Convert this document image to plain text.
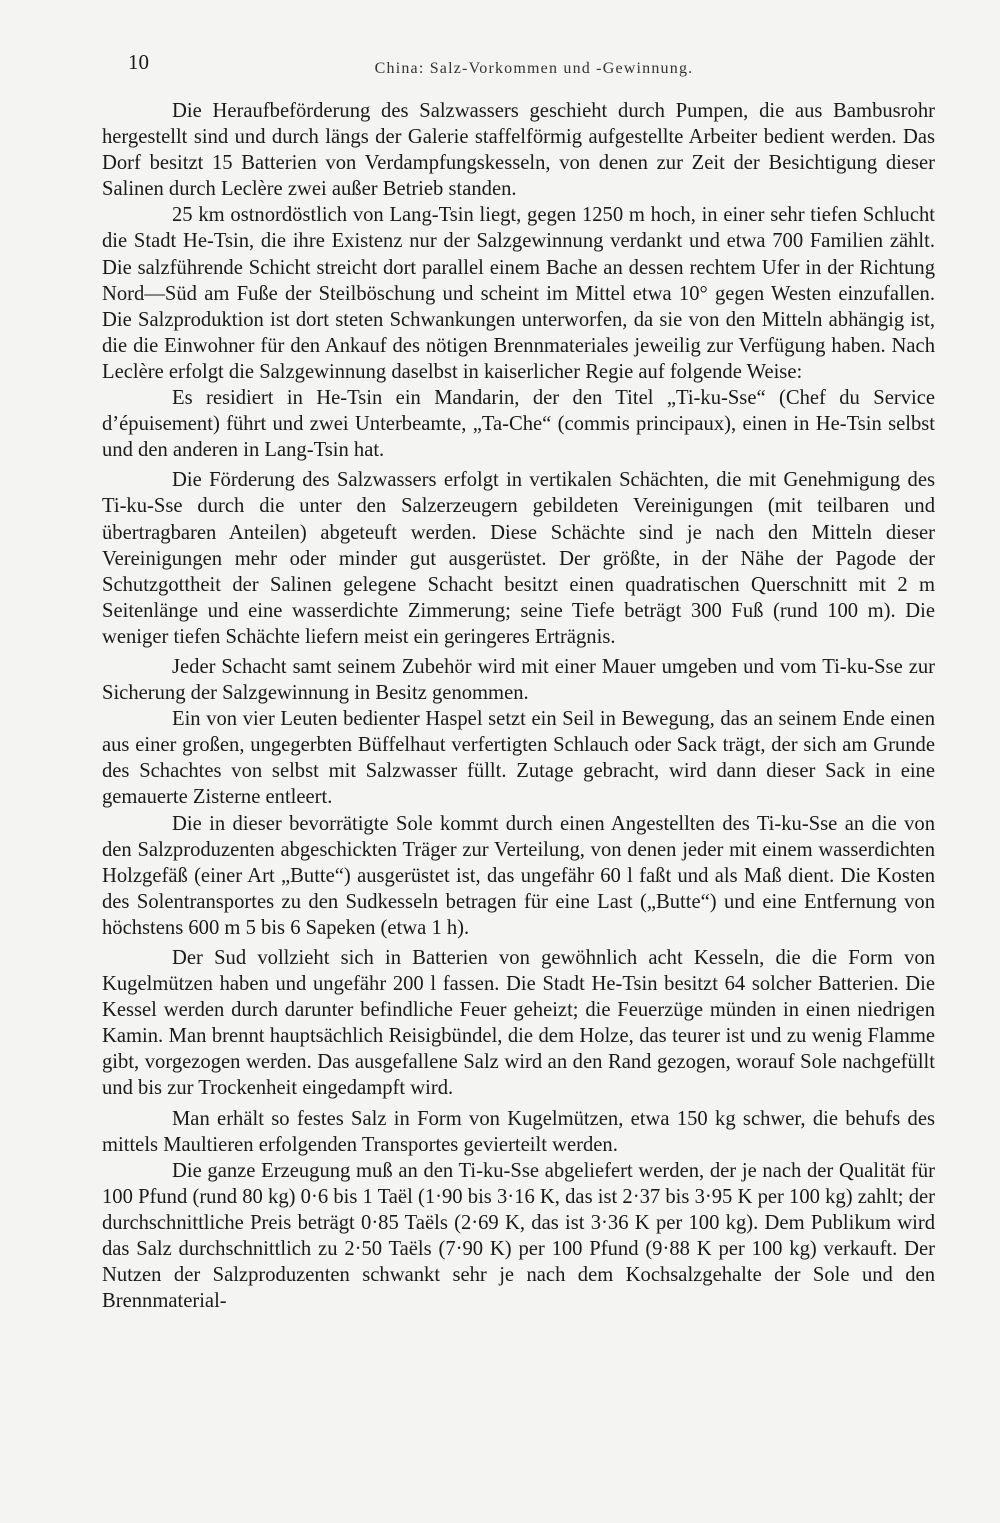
10	China: Salz-Vorkommen und -Gewinnung.

Die Heraufbeförderung des Salzwassers geschieht durch Pumpen, die aus Bambusrohr hergestellt sind und durch längs der Galerie staffelförmig aufgestellte Arbeiter bedient werden. Das Dorf besitzt 15 Batterien von Verdampfungskesseln, von denen zur Zeit der Besichtigung dieser Salinen durch Leclère zwei außer Betrieb standen.

25 km ostnordöstlich von Lang-Tsin liegt, gegen 1250 m hoch, in einer sehr tiefen Schlucht die Stadt He-Tsin, die ihre Existenz nur der Salzgewinnung verdankt und etwa 700 Familien zählt. Die salzführende Schicht streicht dort parallel einem Bache an dessen rechtem Ufer in der Richtung Nord—Süd am Fuße der Steilböschung und scheint im Mittel etwa 10° gegen Westen einzufallen. Die Salzproduktion ist dort steten Schwankungen unterworfen, da sie von den Mitteln abhängig ist, die die Einwohner für den Ankauf des nötigen Brennmateriales jeweilig zur Verfügung haben. Nach Leclère erfolgt die Salzgewinnung daselbst in kaiserlicher Regie auf folgende Weise:

Es residiert in He-Tsin ein Mandarin, der den Titel „Ti-ku-Sse“ (Chef du Service d’épuisement) führt und zwei Unterbeamte, „Ta-Che“ (commis principaux), einen in He-Tsin selbst und den anderen in Lang-Tsin hat.

Die Förderung des Salzwassers erfolgt in vertikalen Schächten, die mit Genehmigung des Ti-ku-Sse durch die unter den Salzerzeugern gebildeten Vereinigungen (mit teilbaren und übertragbaren Anteilen) abgeteuft werden. Diese Schächte sind je nach den Mitteln dieser Vereinigungen mehr oder minder gut ausgerüstet. Der größte, in der Nähe der Pagode der Schutzgottheit der Salinen gelegene Schacht besitzt einen quadratischen Querschnitt mit 2 m Seitenlänge und eine wasserdichte Zimmerung; seine Tiefe beträgt 300 Fuß (rund 100 m). Die weniger tiefen Schächte liefern meist ein geringeres Erträgnis.

Jeder Schacht samt seinem Zubehör wird mit einer Mauer umgeben und vom Ti-ku-Sse zur Sicherung der Salzgewinnung in Besitz genommen.

Ein von vier Leuten bedienter Haspel setzt ein Seil in Bewegung, das an seinem Ende einen aus einer großen, ungegerbten Büffelhaut verfertigten Schlauch oder Sack trägt, der sich am Grunde des Schachtes von selbst mit Salzwasser füllt. Zutage gebracht, wird dann dieser Sack in eine gemauerte Zisterne entleert.

Die in dieser bevorrätigte Sole kommt durch einen Angestellten des Ti-ku-Sse an die von den Salzproduzenten abgeschickten Träger zur Verteilung, von denen jeder mit einem wasserdichten Holzgefäß (einer Art „Butte“) ausgerüstet ist, das ungefähr 60 l faßt und als Maß dient. Die Kosten des Solentransportes zu den Sudkesseln betragen für eine Last („Butte“) und eine Entfernung von höchstens 600 m 5 bis 6 Sapeken (etwa 1 h).

Der Sud vollzieht sich in Batterien von gewöhnlich acht Kesseln, die die Form von Kugelmützen haben und ungefähr 200 l fassen. Die Stadt He-Tsin besitzt 64 solcher Batterien. Die Kessel werden durch darunter befindliche Feuer geheizt; die Feuerzüge münden in einen niedrigen Kamin. Man brennt hauptsächlich Reisigbündel, die dem Holze, das teurer ist und zu wenig Flamme gibt, vorgezogen werden. Das ausgefallene Salz wird an den Rand gezogen, worauf Sole nachgefüllt und bis zur Trockenheit eingedampft wird.

Man erhält so festes Salz in Form von Kugelmützen, etwa 150 kg schwer, die behufs des mittels Maultieren erfolgenden Transportes gevierteilt werden.

Die ganze Erzeugung muß an den Ti-ku-Sse abgeliefert werden, der je nach der Qualität für 100 Pfund (rund 80 kg) 0·6 bis 1 Taël (1·90 bis 3·16 K, das ist 2·37 bis 3·95 K per 100 kg) zahlt; der durchschnittliche Preis beträgt 0·85 Taëls (2·69 K, das ist 3·36 K per 100 kg). Dem Publikum wird das Salz durchschnittlich zu 2·50 Taëls (7·90 K) per 100 Pfund (9·88 K per 100 kg) verkauft. Der Nutzen der Salzproduzenten schwankt sehr je nach dem Kochsalzgehalte der Sole und den Brennmaterial-
